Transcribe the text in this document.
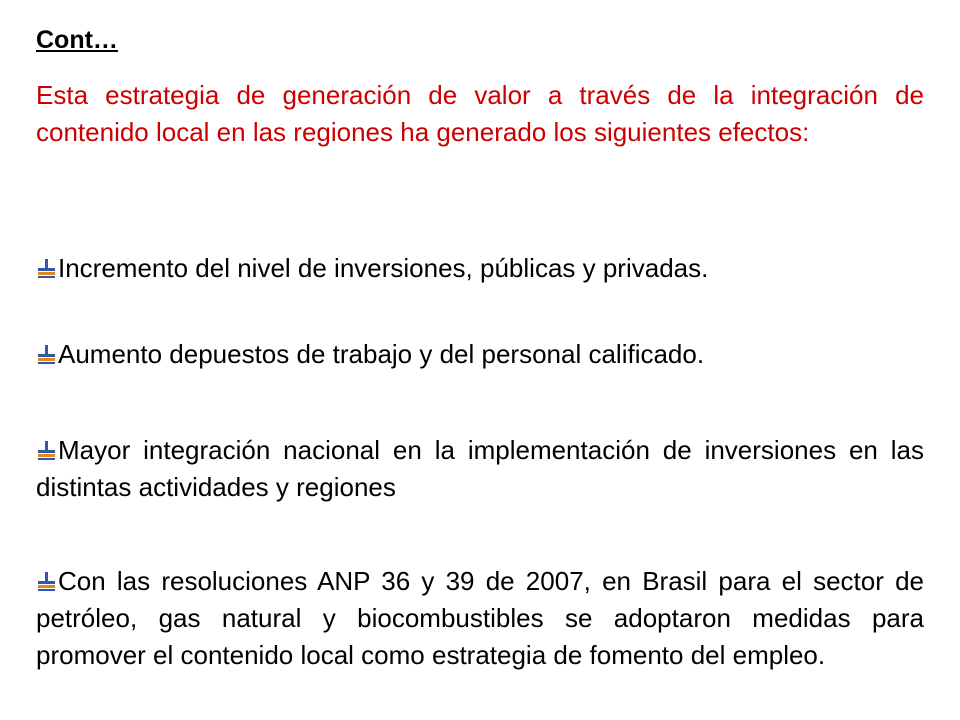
Cont…

Esta estrategia de generación de valor a través de la integración de contenido local en las regiones ha generado los siguientes efectos:

Incremento del nivel de inversiones, públicas y privadas.

Aumento depuestos de trabajo y del personal calificado.

Mayor integración nacional en la implementación de inversiones en las distintas actividades y regiones

Con las resoluciones ANP 36 y 39 de 2007, en Brasil para el sector de petróleo, gas natural y biocombustibles se adoptaron medidas para promover el contenido local como estrategia de fomento del empleo.
